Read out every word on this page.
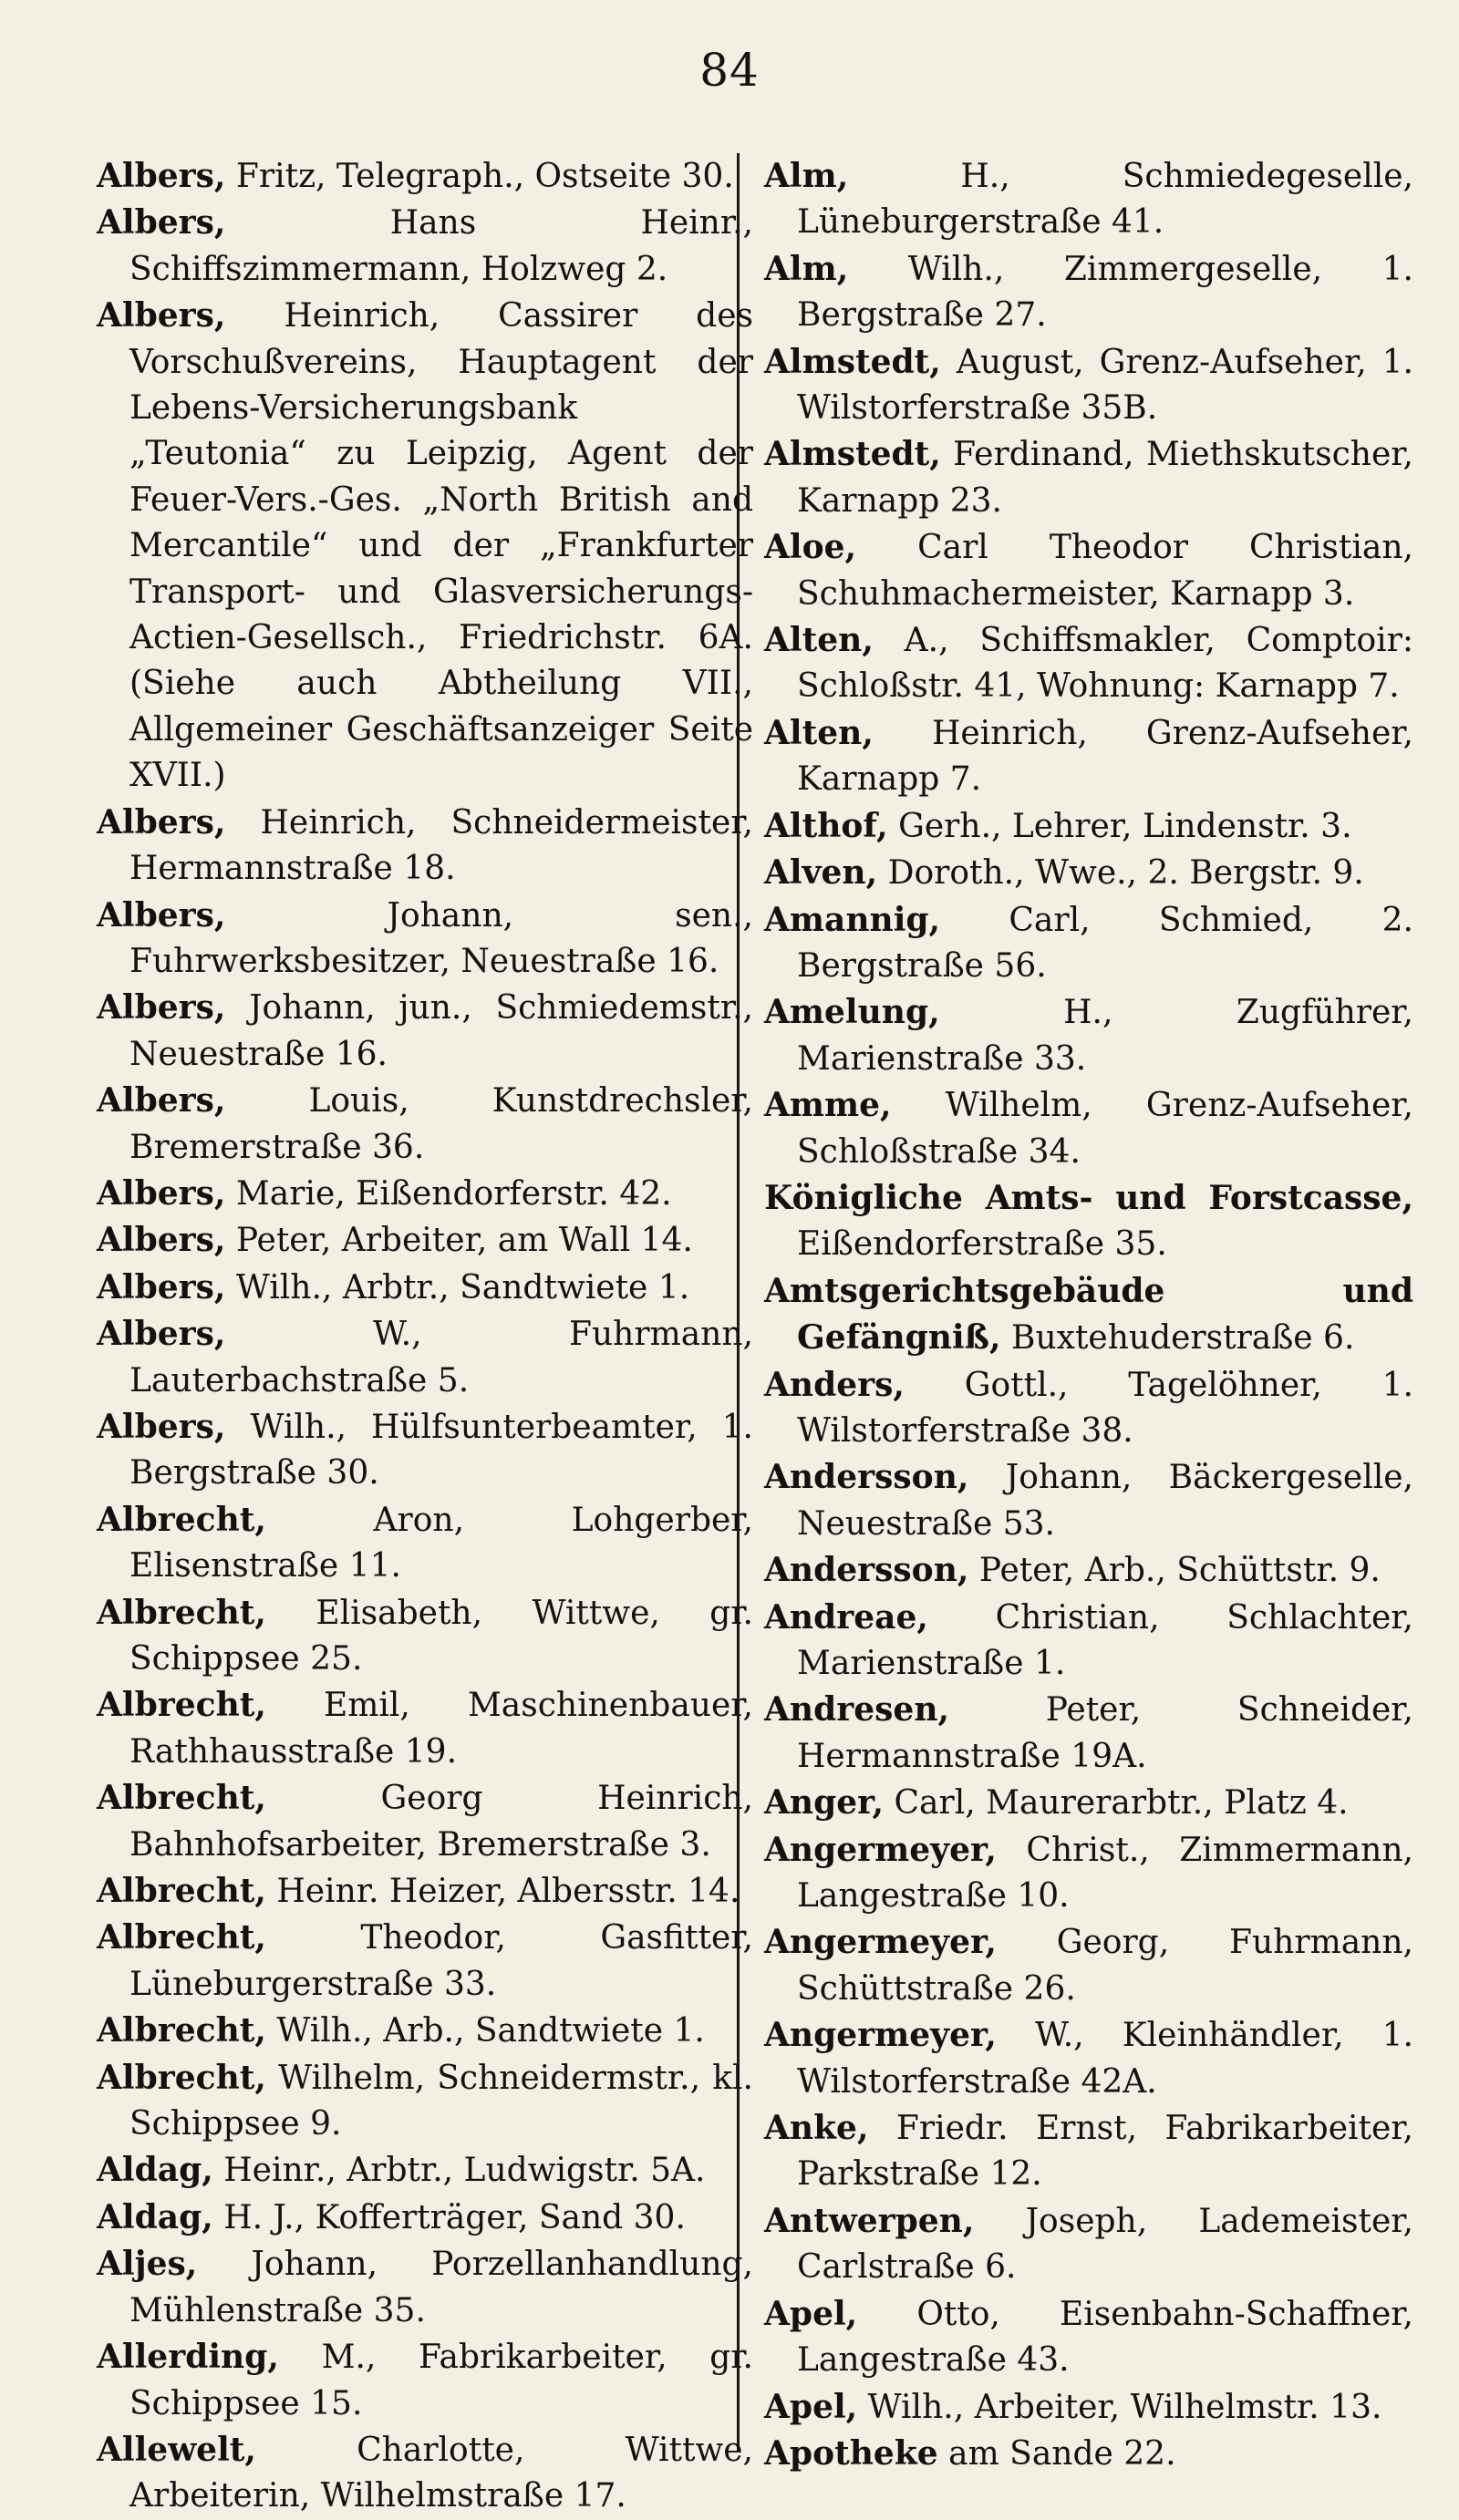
84
Albers, Fritz, Telegraph., Ostseite 30.
Albers,	Hans Heinr., Schiffszimmermann, Holzweg 2.
Albers, Heinrich, Cassirer des Vorschußvereins, Hauptagent der Lebens-Versicherungsbank „Teutonia“ zu Leipzig, Agent der Feuer-Vers.-Ges. „North British and Mercantile“ und der „Frankfurter Transport- und Glasversicherungs-Actien-Gesellsch., Friedrichstr. 6A. (Siehe auch Abtheilung VII., Allgemeiner Geschäftsanzeiger Seite XVII.)
Albers, Heinrich, Schneidermeister, Hermannstraße 18.
Albers,	Johann, sen., Fuhrwerksbesitzer, Neuestraße 16.
Albers, Johann, jun., Schmiedemstr., Neuestraße 16.
Albers,	Louis, Kunstdrechsler, Bremerstraße 36.
Albers, Marie, Eißendorferstr. 42.
Albers, Peter, Arbeiter, am Wall 14.
Albers, Wilh., Arbtr., Sandtwiete 1.
Albers,	W., Fuhrmann, Lauterbachstraße 5.
Albers, Wilh., Hülfsunterbeamter, 1. Bergstraße 30.
Albrecht,	Aron, Lohgerber, Elisenstraße 11.
Albrecht, Elisabeth, Wittwe, gr. Schippsee 25.
Albrecht, Emil, Maschinenbauer, Rathhausstraße 19.
Albrecht,	Georg Heinrich, Bahnhofsarbeiter, Bremerstraße 3.
Albrecht, Heinr. Heizer, Albersstr. 14.
Albrecht,	Theodor, Gasfitter, Lüneburgerstraße 33.
Albrecht, Wilh., Arb., Sandtwiete 1.
Albrecht, Wilhelm, Schneidermstr., kl. Schippsee 9.
Aldag, Heinr., Arbtr., Ludwigstr. 5A.
Aldag, H. J., Kofferträger, Sand 30.
Aljes, Johann, Porzellanhandlung, Mühlenstraße 35.
Allerding, M., Fabrikarbeiter, gr. Schippsee 15.
Allewelt,	Charlotte, Wittwe, Arbeiterin, Wilhelmstraße 17.
Alm,	H., Schmiedegeselle, Lüneburgerstraße 41.
Alm, Wilh., Zimmergeselle, 1. Bergstraße 27.
Almstedt, August, Grenz-Aufseher, 1. Wilstorferstraße 35B.
Almstedt, Ferdinand, Miethskutscher, Karnapp 23.
Aloe, Carl Theodor Christian, Schuhmachermeister, Karnapp 3.
Alten, A., Schiffsmakler, Comptoir: Schloßstr. 41, Wohnung: Karnapp 7.
Alten, Heinrich, Grenz-Aufseher, Karnapp 7.
Althof, Gerh., Lehrer, Lindenstr. 3.
Alven, Doroth., Wwe., 2. Bergstr. 9.
Amannig, Carl, Schmied, 2. Bergstraße 56.
Amelung,	H., Zugführer, Marienstraße 33.
Amme, Wilhelm, Grenz-Aufseher, Schloßstraße 34.
Königliche Amts- und Forstcasse, Eißendorferstraße 35.
Amtsgerichtsgebäude und Gefängniß, Buxtehuderstraße 6.
Anders, Gottl., Tagelöhner, 1. Wilstorferstraße 38.
Andersson, Johann, Bäckergeselle, Neuestraße 53.
Andersson, Peter, Arb., Schüttstr. 9.
Andreae, Christian, Schlachter, Marienstraße 1.
Andresen,	Peter, Schneider, Hermannstraße 19A.
Anger, Carl, Maurerarbtr., Platz 4.
Angermeyer, Christ., Zimmermann, Langestraße 10.
Angermeyer, Georg, Fuhrmann, Schüttstraße 26.
Angermeyer, W., Kleinhändler, 1. Wilstorferstraße 42A.
Anke, Friedr. Ernst, Fabrikarbeiter, Parkstraße 12.
Antwerpen, Joseph, Lademeister, Carlstraße 6.
Apel, Otto, Eisenbahn-Schaffner, Langestraße 43.
Apel, Wilh., Arbeiter, Wilhelmstr. 13.
Apotheke am Sande 22.
